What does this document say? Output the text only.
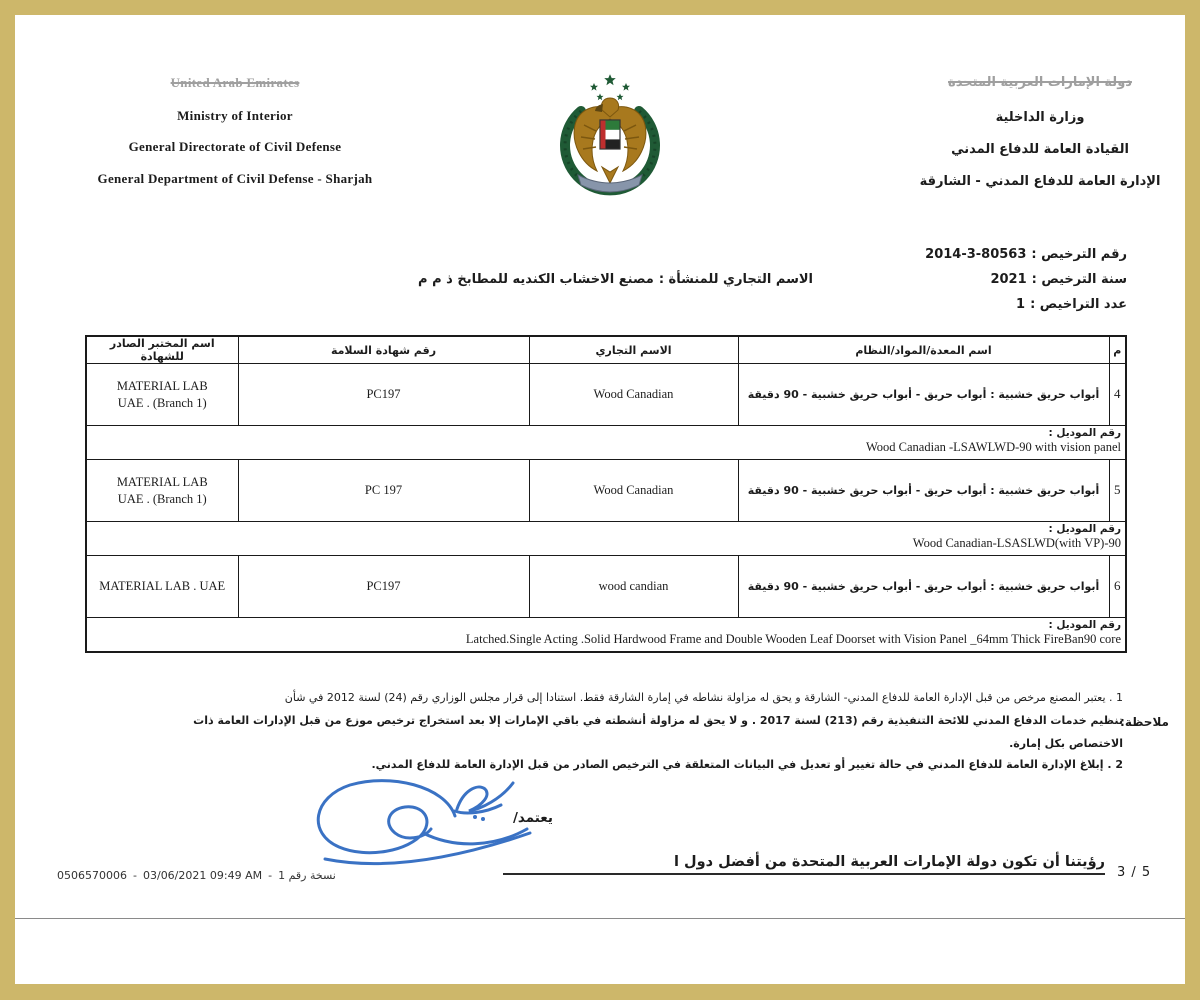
United Arab Emirates
Ministry of Interior
General Directorate of Civil Defense
General Department of Civil Defense - Sharjah
دولة الإمارات العربية المتحدة
وزارة الداخلية
القيادة العامة للدفاع المدني
الإدارة العامة للدفاع المدني - الشارقة
رقم الترخيص :
2014-3-80563
سنة الترخيص :
2021
الاسم التجاري للمنشأة :
مصنع الاخشاب الكنديه للمطابخ ذ م م
عدد التراخيص :
1
م	اسم المعدة/المواد/النظام	الاسم التجاري	رقم شهادة السلامة	اسم المختبر الصادر للشهادة
4	أبواب حريق خشبية : أبواب حريق - أبواب حريق خشبية - 90 دقيقة	Wood Canadian	PC197	MATERIAL LAB
(Branch 1) . UAE

رقم الموديل :
Wood Canadian -LSAWLWD-90 with vision panel				

5	أبواب حريق خشبية : أبواب حريق - أبواب حريق خشبية - 90 دقيقة	Wood Canadian	PC 197	MATERIAL LAB
(Branch 1) . UAE

رقم الموديل :
Wood Canadian-LSASLWD(with VP)-90				

6	أبواب حريق خشبية : أبواب حريق - أبواب حريق خشبية - 90 دقيقة	wood candian	PC197	MATERIAL LAB . UAE

رقم الموديل :
Latched.Single Acting .Solid Hardwood Frame and Double Wooden Leaf Doorset with Vision Panel _64mm Thick FireBan90 core				
ملاحظة:
1 . يعتبر المصنع مرخص من قبل الإدارة العامة للدفاع المدني- الشارقة و يحق له مزاولة نشاطه في إمارة الشارقة فقط. استنادا إلى قرار مجلس الوزاري رقم (24) لسنة 2012 في شأن
تنظيم خدمات الدفاع المدني للائحة التنفيذية رقم (213) لسنة 2017 . و لا يحق له مزاولة أنشطته في باقي الإمارات إلا بعد استخراج ترخيص موزع من قبل الإدارات العامة ذات
الاختصاص بكل إمارة.
2 . إبلاغ الإدارة العامة للدفاع المدني في حالة تغيير أو تعديل في البيانات المتعلقة في الترخيص الصادر من قبل الإدارة العامة للدفاع المدني.
يعتمد/
رؤيتنا أن تكون دولة الإمارات العربية المتحدة من أفضل دول ا
نسخة رقم 1
-
03/06/2021 09:49 AM
-
0506570006	3 / 5
